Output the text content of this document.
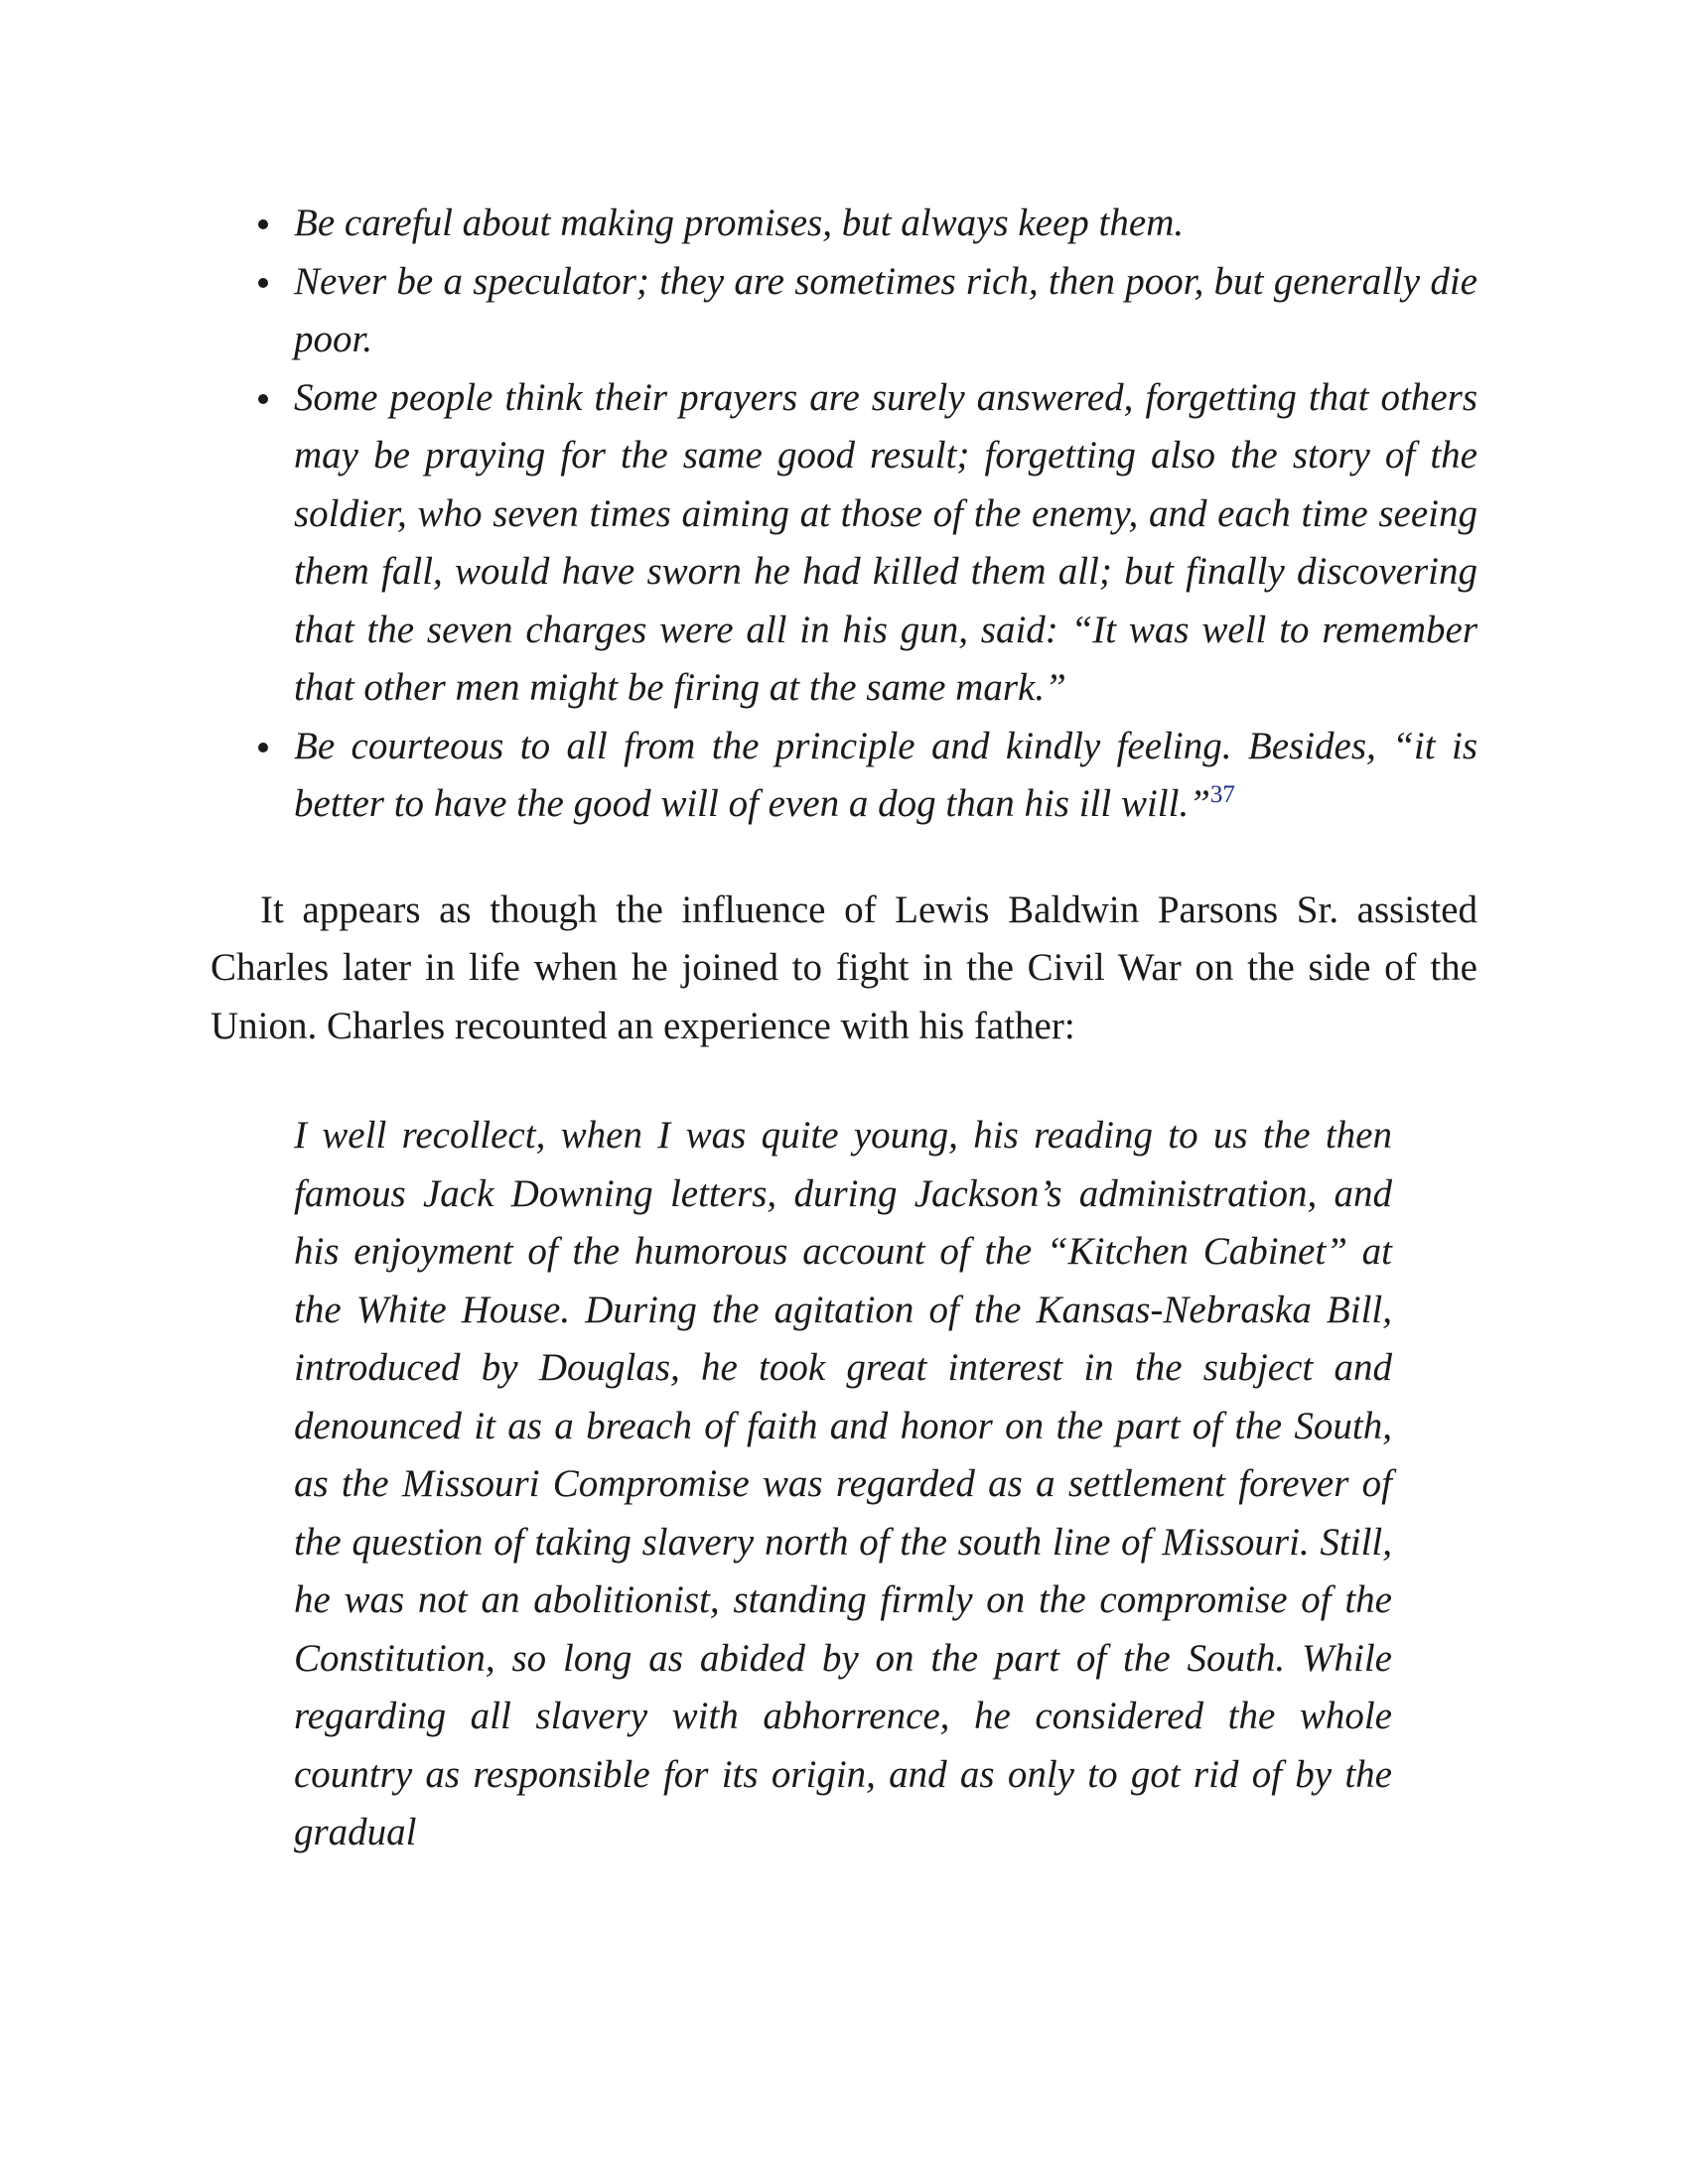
Be careful about making promises, but always keep them.
Never be a speculator; they are sometimes rich, then poor, but generally die poor.
Some people think their prayers are surely answered, forgetting that others may be praying for the same good result; forgetting also the story of the soldier, who seven times aiming at those of the enemy, and each time seeing them fall, would have sworn he had killed them all; but finally discovering that the seven charges were all in his gun, said: “It was well to remember that other men might be firing at the same mark.”
Be courteous to all from the principle and kindly feeling. Besides, “it is better to have the good will of even a dog than his ill will.”$^{37}$

It appears as though the influence of Lewis Baldwin Parsons Sr. assisted Charles later in life when he joined to fight in the Civil War on the side of the Union. Charles recounted an experience with his father:

I well recollect, when I was quite young, his reading to us the then famous Jack Downing letters, during Jackson’s administration, and his enjoyment of the humorous account of the “Kitchen Cabinet” at the White House. During the agitation of the Kansas-Nebraska Bill, introduced by Douglas, he took great interest in the subject and denounced it as a breach of faith and honor on the part of the South, as the Missouri Compromise was regarded as a settlement forever of the question of taking slavery north of the south line of Missouri. Still, he was not an abolitionist, standing firmly on the compromise of the Constitution, so long as abided by on the part of the South. While regarding all slavery with abhorrence, he considered the whole country as responsible for its origin, and as only to got rid of by the gradual
